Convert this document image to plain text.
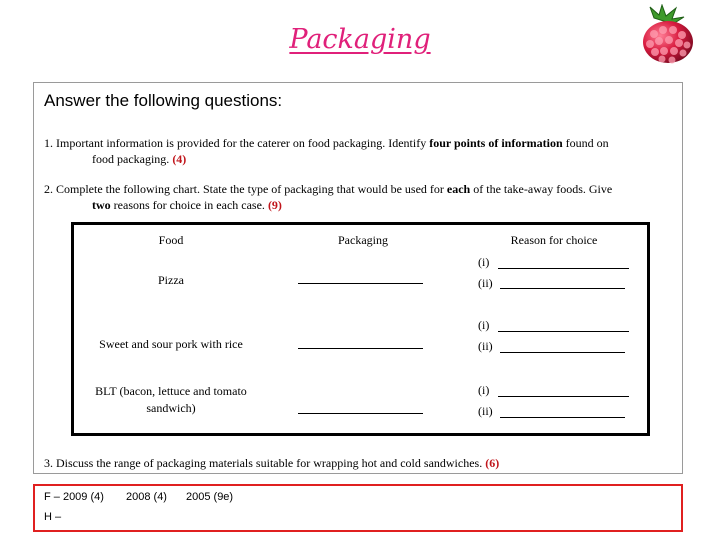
Packaging
Answer the following questions:
1. Important information is provided for the caterer on food packaging. Identify four points of information found on
food packaging. (4)
2. Complete the following chart. State the type of packaging that would be used for each of the take-away foods. Give
two reasons for choice in each case. (9)
Food	Packaging	Reason for choice
Pizza
(i)
(ii)
Sweet and sour pork with rice
(i)
(ii)
BLT (bacon, lettuce and tomato sandwich)
(i)
(ii)
3. Discuss the range of packaging materials suitable for wrapping hot and cold sandwiches. (6)
F – 2009 (4) 2008 (4) 2005 (9e)
H –
